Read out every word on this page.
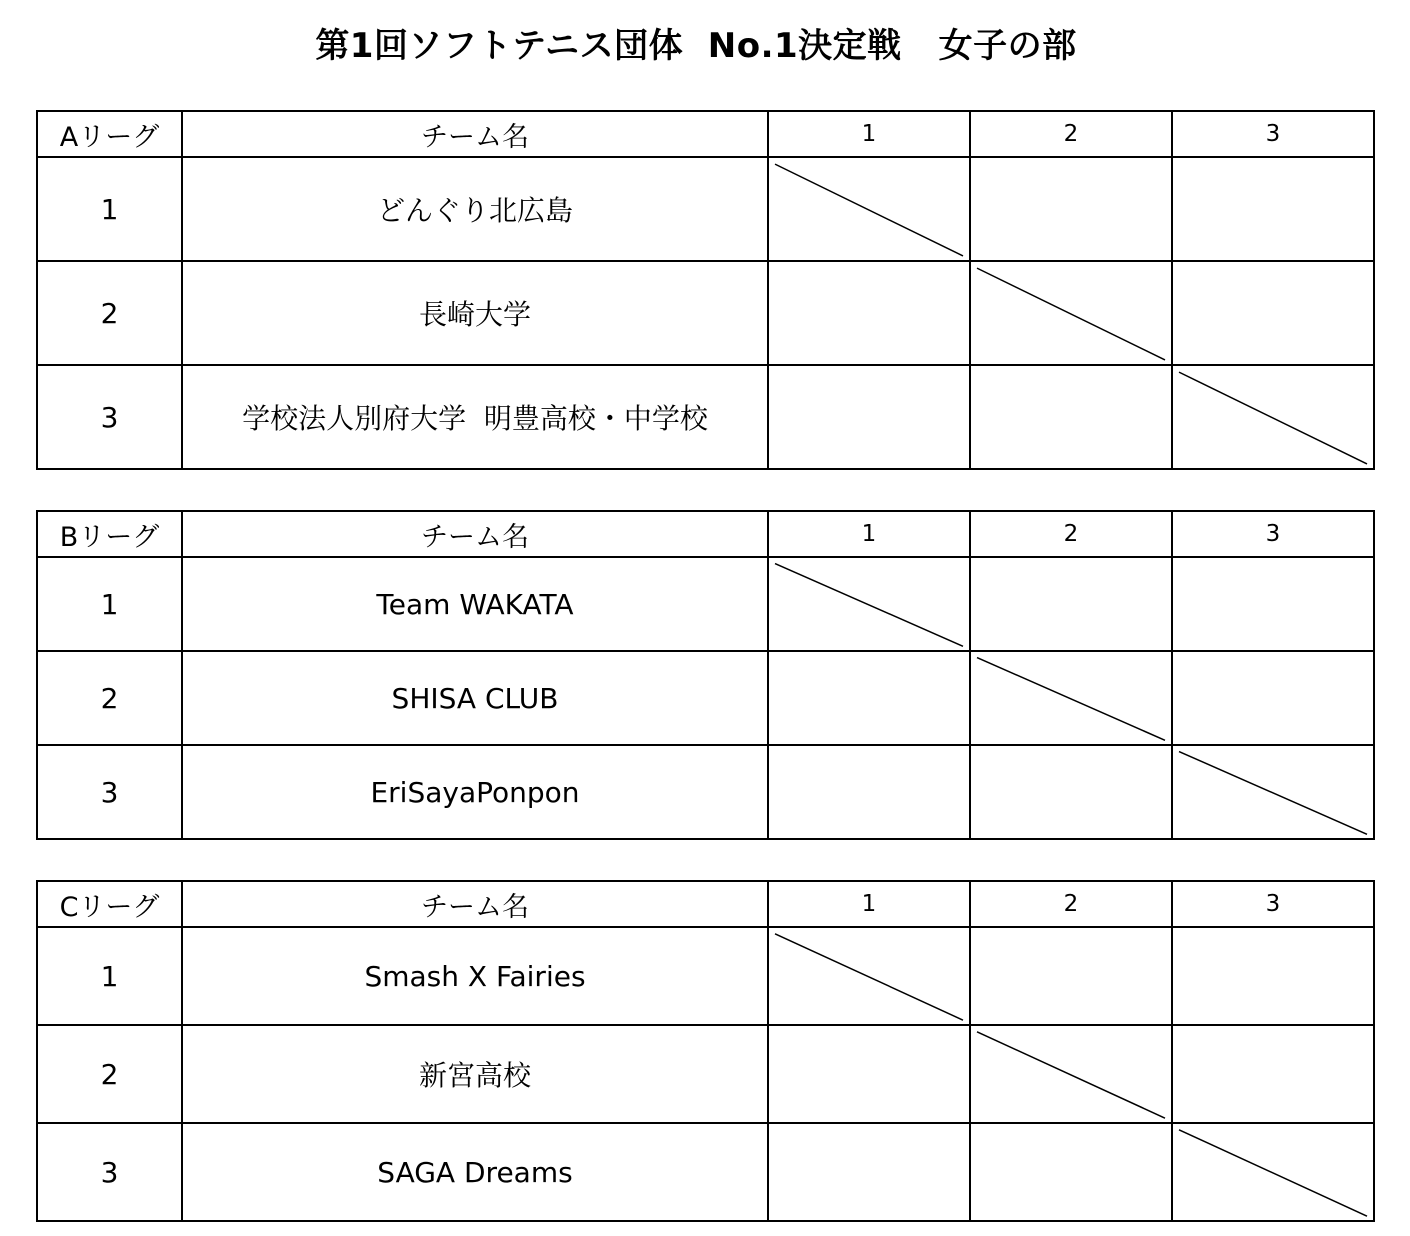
第1回ソフトテニス団体  No.1決定戦   女子の部
Aリーグ	チーム名	1	2	3
1	どんぐり北広島	

2	長崎大学		

3	学校法人別府大学  明豊高校・中学校			
Bリーグ	チーム名	1	2	3
1	Team WAKATA	

2	SHISA CLUB		

3	EriSayaPonpon			
Cリーグ	チーム名	1	2	3
1	Smash X Fairies	

2	新宮高校		

3	SAGA Dreams			
